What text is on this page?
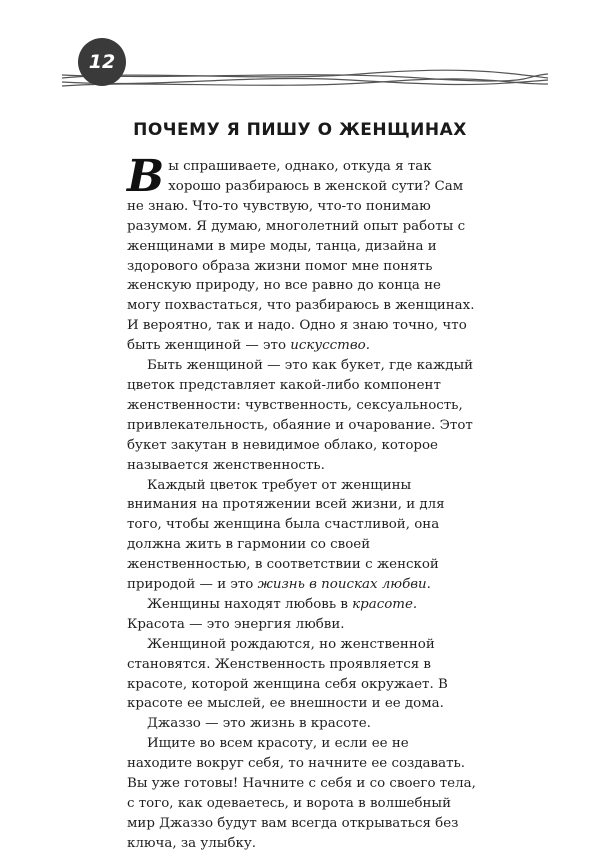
12
ПОЧЕМУ Я ПИШУ О ЖЕНЩИНАХ

Вы спрашиваете, однако, откуда я так хорошо разбираюсь в женской сути? Сам не знаю. Что-то чувствую, что-то понимаю разумом. Я думаю, многолетний опыт работы с женщинами в мире моды, танца, дизайна и здорового образа жизни помог мне понять женскую природу, но все равно до конца не могу похвастаться, что разбираюсь в женщинах. И вероятно, так и надо. Одно я знаю точно, что быть женщиной — это искусство.

Быть женщиной — это как букет, где каждый цветок представляет какой-либо компонент женственности: чувственность, сексуальность, привлекательность, обаяние и очарование. Этот букет закутан в невидимое облако, которое называется женственность.

Каждый цветок требует от женщины внимания на протяжении всей жизни, и для того, чтобы женщина была счастливой, она должна жить в гармонии со своей женственностью, в соответствии с женской природой — и это жизнь в поисках любви.

Женщины находят любовь в красоте. Красота — это энергия любви.

Женщиной рождаются, но женственной становятся. Женственность проявляется в красоте, которой женщина себя окружает. В красоте ее мыслей, ее внешности и ее дома.

Джаззо — это жизнь в красоте.

Ищите во всем красоту, и если ее не находите вокруг себя, то начните ее создавать. Вы уже готовы! Начните с себя и со своего тела, с того, как одеваетесь, и ворота в волшебный мир Джаззо будут вам всегда открываться без ключа, за улыбку.
